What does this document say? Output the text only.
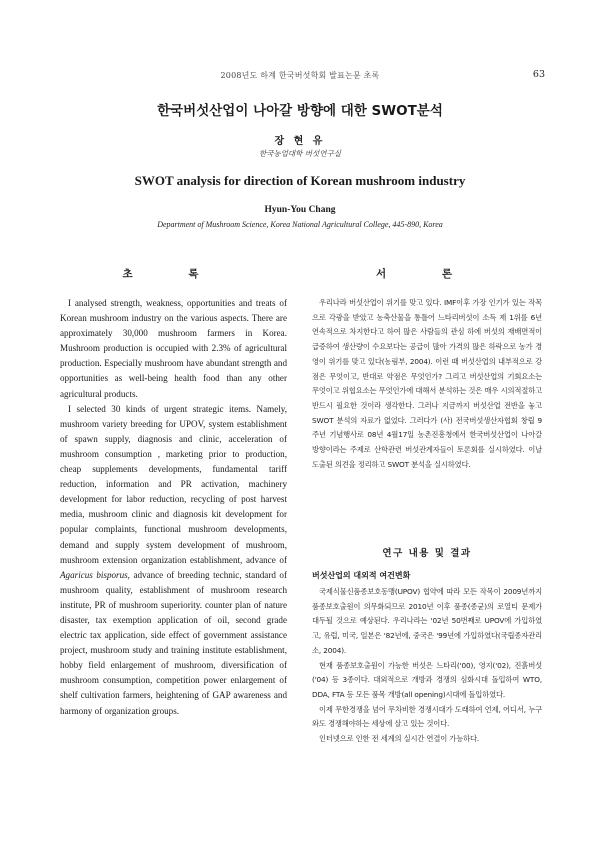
2008년도 하계 한국버섯학회 발표논문 초록	63
한국버섯산업이 나아갈 방향에 대한 SWOT분석
장 현 유
한국농업대학 버섯연구실
SWOT analysis for direction of Korean mushroom industry
Hyun-You Chang
Department of Mushroom Science, Korea National Agricultural College, 445-890, Korea
초 록	서 론

I analysed strength, weakness, opportunities and treats of Korean mushroom industry on the various aspects. There are approximately 30,000 mushroom farmers in Korea. Mushroom production is occupied with 2.3% of agricultural production. Especially mushroom have abundant strength and opportunities as well-being health food than any other agricultural products.

I selected 30 kinds of urgent strategic items. Namely, mushroom variety breeding for UPOV, system establishment of spawn supply, diagnosis and clinic, acceleration of mushroom consumption , marketing prior to production, cheap supplements developments, fundamental tariff reduction, information and PR activation, machinery development for labor reduction, recycling of post harvest media, mushroom clinic and diagnosis kit development for popular complaints, functional mushroom developments, demand and supply system development of mushroom, mushroom extension organization establishment, advance of Agaricus bisporus, advance of breeding technic, standard of mushroom quality, establishment of mushroom research institute, PR of mushroom superiority. counter plan of nature disaster, tax exemption application of oil, second grade electric tax application, side effect of government assistance project, mushroom study and training institute establishment, hobby field enlargement of mushroom, diversification of mushroom consumption, competition power enlargement of shelf cultivation farmers, heightening of GAP awareness and harmony of organization groups.

우리나라 버섯산업이 위기를 맞고 있다. IMF이후 가장 인기가 있는 작목으로 각광을 받았고 농축산물을 통틀어 느타리버섯이 소득 제 1위를 6년 연속적으로 차지한다고 하여 많은 사람들의 관심 하에 버섯의 재배면적이 급증하여 생산량이 수요보다는 공급이 많아 가격의 많은 하락으로 농가 경영이 위기를 맞고 있다(농림부, 2004). 이런 때 버섯산업의 내부적으로 강점은 무엇이고, 반대로 약점은 무엇인가? 그리고 버섯산업의 기회요소는 무엇이고 위협요소는 무엇인가에 대해서 분석하는 것은 매우 시의적절하고 반드시 필요한 것이라 생각한다. 그러나 지금까지 버섯산업 전반을 놓고 SWOT 분석의 자료가 없었다. 그러다가 (사) 전국버섯생산자협회 창립 9주년 기념행사로 08년 4월17일 농촌진흥청에서 한국버섯산업이 나아갈 방향이라는 주제로 산학관련 버섯관계자들이 토론회를 실시하였다. 이날 도출된 의견을 정리하고 SWOT 분석을 실시하였다.

연구 내용 및 결과
버섯산업의 대외적 여건변화

국제식물신품종보호동맹(UPOV) 협약에 따라 모든 작목이 2009년까지 품종보호출원이 의무화되므로 2010년 이후 품종(종균)의 로열티 문제가 대두될 것으로 예상된다. 우리나라는 '02년 50번째로 UPOV에 가입하였고, 유럽, 미국, 일본은 '82년에, 중국은 '99년에 가입하였다(국립종자관리소, 2004).

현재 품종보호출원이 가능한 버섯은 느타리('00), 영지('02), 진흙버섯('04) 등 3종이다. 대외적으로 개방과 경쟁의 심화시대 돌입하여 WTO, DDA, FTA 등 모든 품목 개방(all opening)시대에 돌입하였다.

이제 무한경쟁을 넘어 무차비한 경쟁시대가 도래하여 언제, 어디서, 누구와도 경쟁해야하는 세상에 살고 있는 것이다.

인터넷으로 인한 전 세계의 실시간 연결이 가능하다.
